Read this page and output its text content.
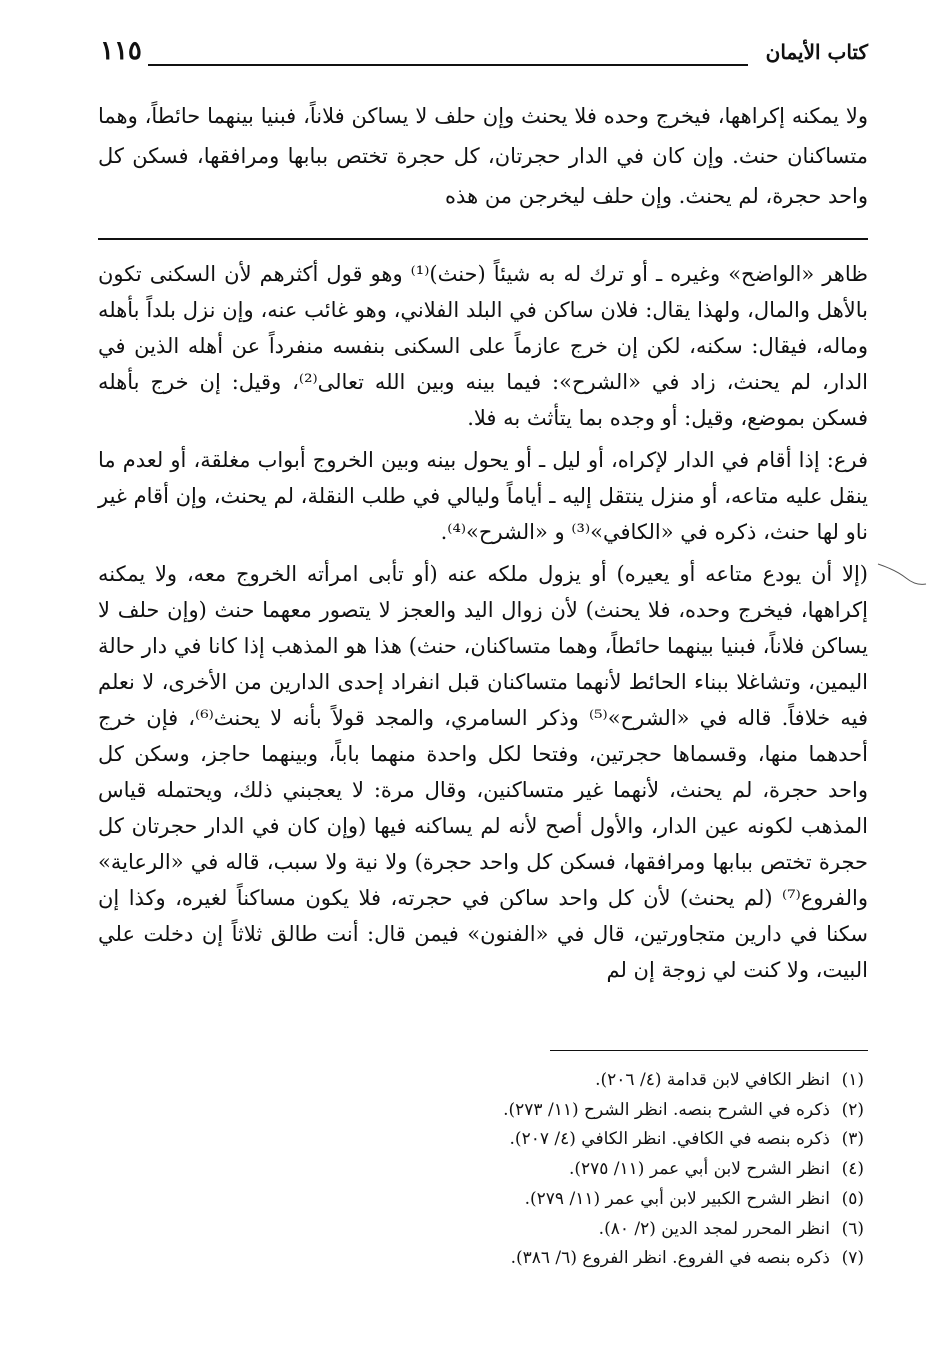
كتاب الأيمان
١١٥

ولا يمكنه إكراهها، فيخرج وحده فلا يحنث وإن حلف لا يساكن فلاناً، فبنيا بينهما حائطاً، وهما متساكنان حنث. وإن كان في الدار حجرتان، كل حجرة تختص ببابها ومرافقها، فسكن كل واحد حجرة، لم يحنث. وإن حلف ليخرجن من هذه

ظاهر «الواضح» وغيره ـ أو ترك له به شيئاً (حنث)⁽¹⁾ وهو قول أكثرهم لأن السكنى تكون بالأهل والمال، ولهذا يقال: فلان ساكن في البلد الفلاني، وهو غائب عنه، وإن نزل بلداً بأهله وماله، فيقال: سكنه، لكن إن خرج عازماً على السكنى بنفسه منفرداً عن أهله الذين في الدار، لم يحنث، زاد في «الشرح»: فيما بينه وبين الله تعالى⁽²⁾، وقيل: إن خرج بأهله فسكن بموضع، وقيل: أو وجده بما يتأثث به فلا.

فرع: إذا أقام في الدار لإكراه، أو ليل ـ أو يحول بينه وبين الخروج أبواب مغلقة، أو لعدم ما ينقل عليه متاعه، أو منزل ينتقل إليه ـ أياماً وليالي في طلب النقلة، لم يحنث، وإن أقام غير ناو لها حنث، ذكره في «الكافي»⁽³⁾ و «الشرح»⁽⁴⁾.

(إلا أن يودع متاعه أو يعيره) أو يزول ملكه عنه (أو تأبى امرأته الخروج معه، ولا يمكنه إكراهها، فيخرج وحده، فلا يحنث) لأن زوال اليد والعجز لا يتصور معهما حنث (وإن حلف لا يساكن فلاناً، فبنيا بينهما حائطاً، وهما متساكنان، حنث) هذا هو المذهب إذا كانا في دار حالة اليمين، وتشاغلا ببناء الحائط لأنهما متساكنان قبل انفراد إحدى الدارين من الأخرى، لا نعلم فيه خلافاً. قاله في «الشرح»⁽⁵⁾ وذكر السامري، والمجد قولاً بأنه لا يحنث⁽⁶⁾، فإن خرج أحدهما منها، وقسماها حجرتين، وفتحا لكل واحدة منهما باباً، وبينهما حاجز، وسكن كل واحد حجرة، لم يحنث، لأنهما غير متساكنين، وقال مرة: لا يعجبني ذلك، ويحتمله قياس المذهب لكونه عين الدار، والأول أصح لأنه لم يساكنه فيها (وإن كان في الدار حجرتان كل حجرة تختص ببابها ومرافقها، فسكن كل واحد حجرة) ولا نية ولا سبب، قاله في «الرعاية» والفروع⁽⁷⁾ (لم يحنث) لأن كل واحد ساكن في حجرته، فلا يكون مساكناً لغيره، وكذا إن سكنا في دارين متجاورتين، قال في «الفنون» فيمن قال: أنت طالق ثلاثاً إن دخلت علي البيت، ولا كنت لي زوجة إن لم

(١)
انظر الكافي لابن قدامة (٤/ ٢٠٦).
(٢)
ذكره في الشرح بنصه. انظر الشرح (١١/ ٢٧٣).
(٣)
ذكره بنصه في الكافي. انظر الكافي (٤/ ٢٠٧).
(٤)
انظر الشرح لابن أبي عمر (١١/ ٢٧٥).
(٥)
انظر الشرح الكبير لابن أبي عمر (١١/ ٢٧٩).
(٦)
انظر المحرر لمجد الدين (٢/ ٨٠).
(٧)
ذكره بنصه في الفروع. انظر الفروع (٦/ ٣٨٦).
